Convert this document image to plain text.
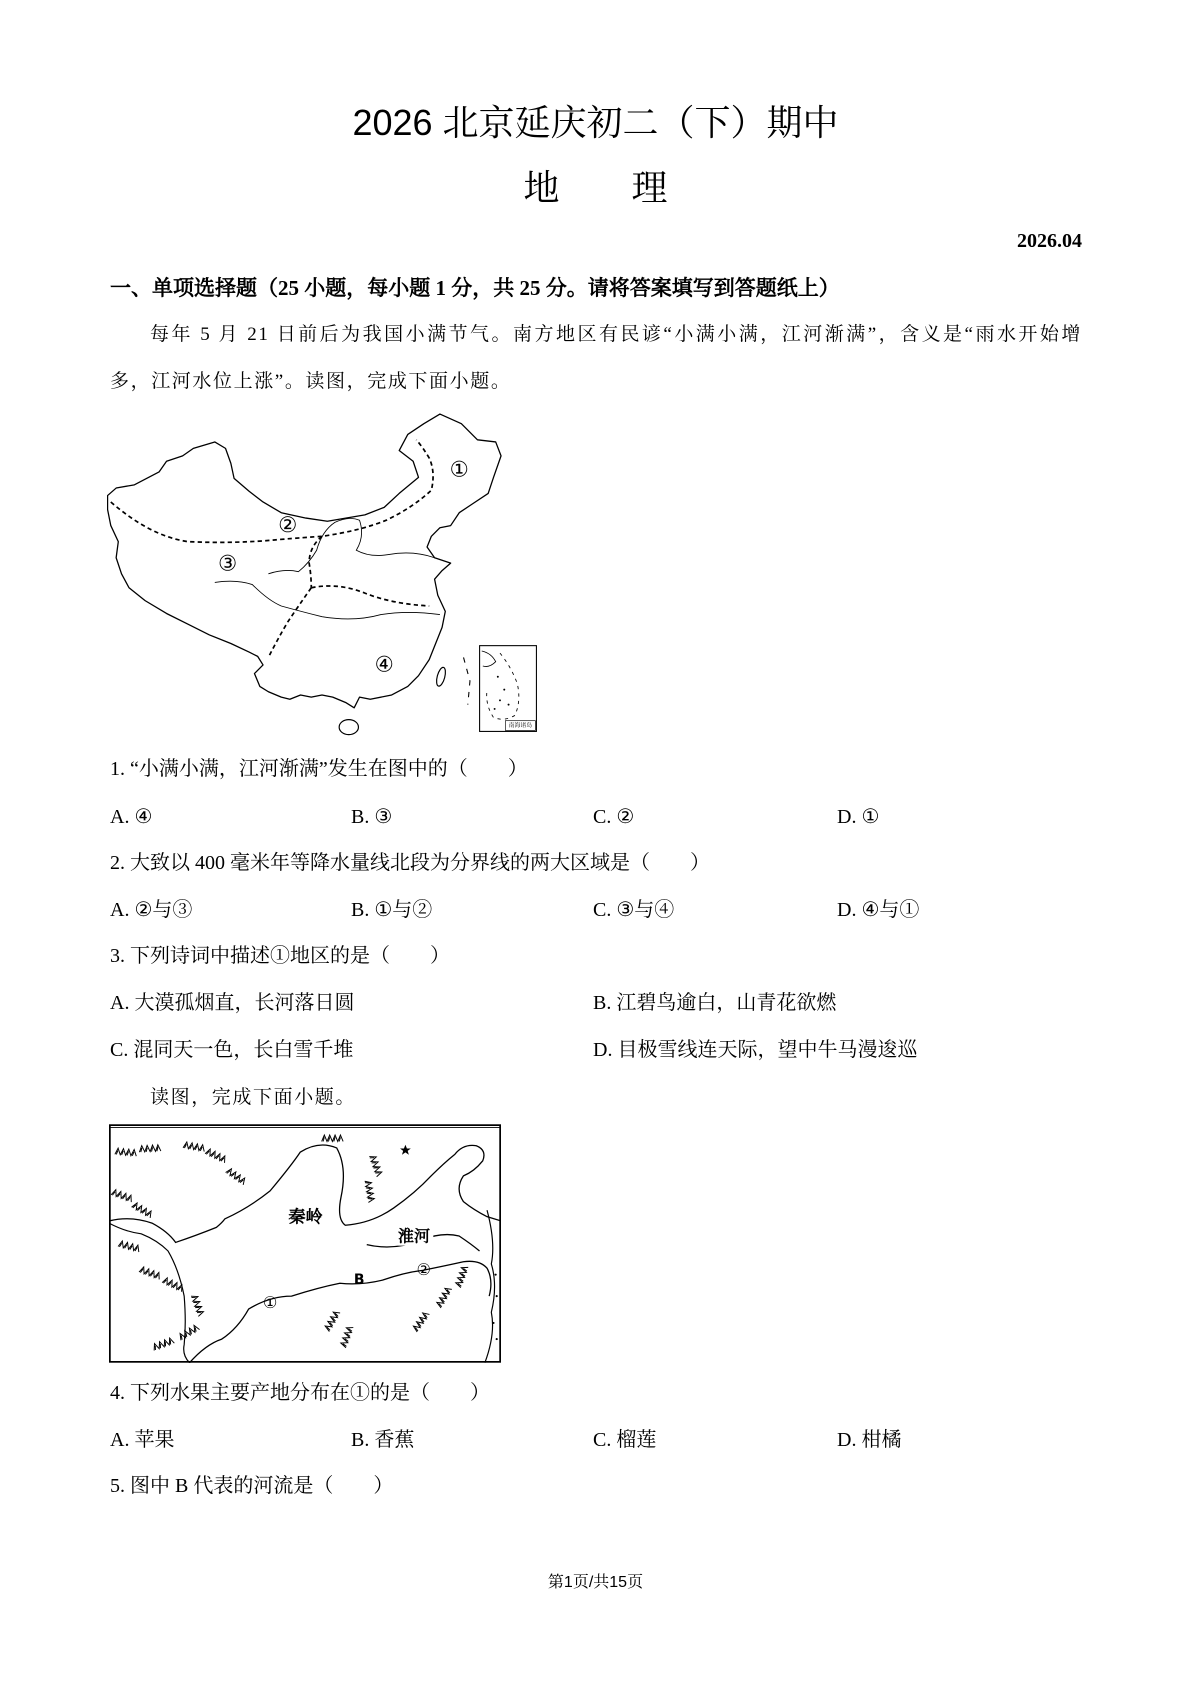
2026 北京延庆初二（下）期中
地　　理
2026.04
一、单项选择题（25 小题，每小题 1 分，共 25 分。请将答案填写到答题纸上）
每年 5 月 21 日前后为我国小满节气。南方地区有民谚“小满小满，江河渐满”，含义是“雨水开始增多，江河水位上涨”。读图，完成下面小题。
①
②
③
④
南海诸岛
1. “小满小满，江河渐满”发生在图中的（　　）
A. ④	B. ③	C. ②	D. ①
2. 大致以 400 毫米年等降水量线北段为分界线的两大区域是（　　）
A. ②与③	B. ①与②	C. ③与④	D. ④与①
3. 下列诗词中描述①地区的是（　　）
A. 大漠孤烟直，长河落日圆	B. 江碧鸟逾白，山青花欲燃
C. 混同天一色，长白雪千堆	D. 目极雪线连天际，望中牛马漫逡巡
读图，完成下面小题。
秦岭
淮河
B
①
②
4. 下列水果主要产地分布在①的是（　　）
A. 苹果	B. 香蕉	C. 榴莲	D. 柑橘
5. 图中 B 代表的河流是（　　）
第1页/共15页
